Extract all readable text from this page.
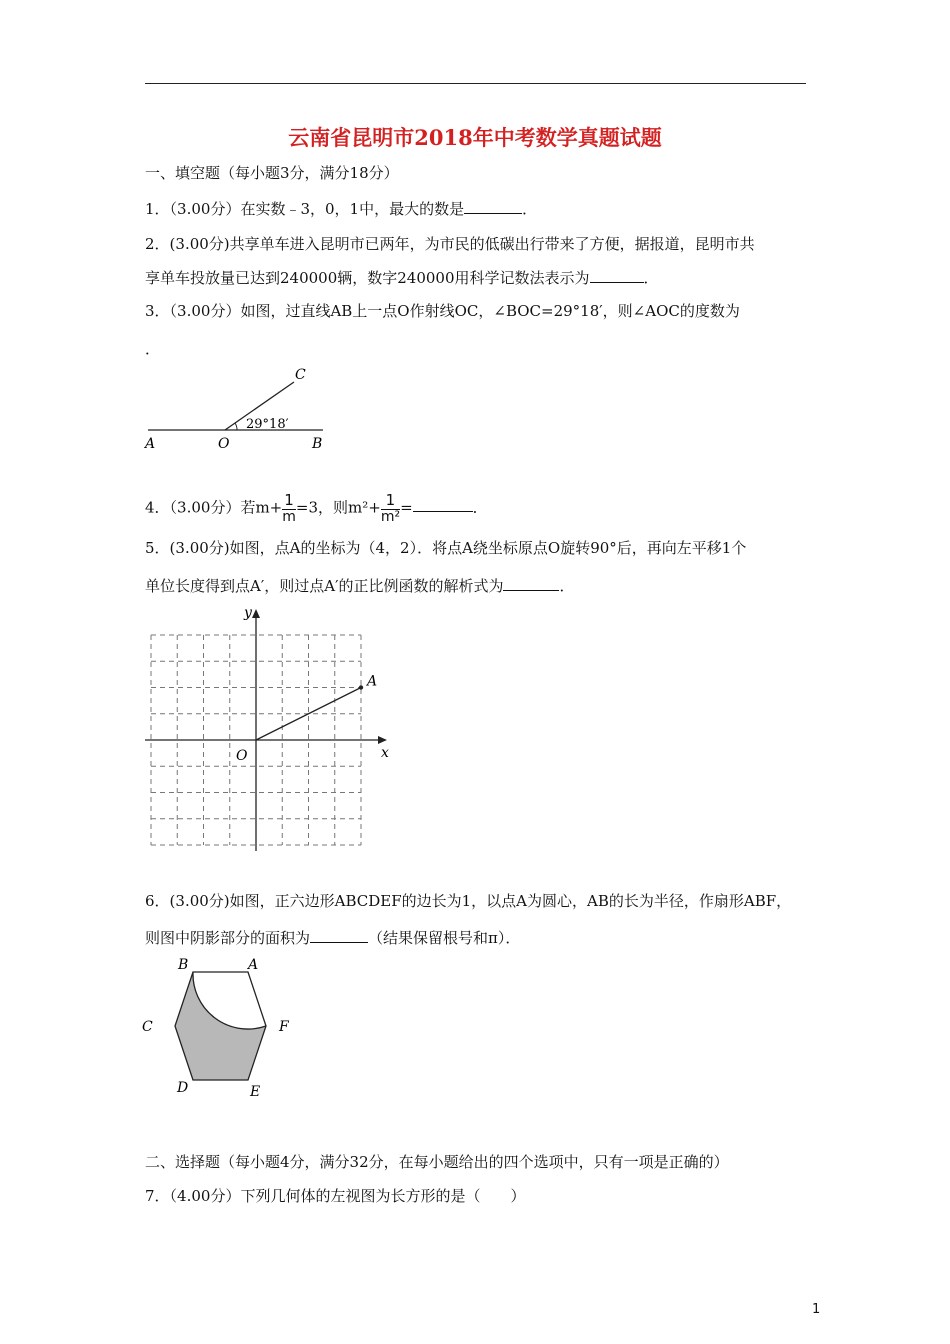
云南省昆明市2018年中考数学真题试题
一、填空题（每小题3分，满分18分）
1．（3.00分）在实数﹣3，0，1中，最大的数是	．
2．(3.00分)共享单车进入昆明市已两年，为市民的低碳出行带来了方便，据报道，昆明市共
享单车投放量已达到240000辆，数字240000用科学记数法表示为	．
3．（3.00分）如图，过直线AB上一点O作射线OC，∠BOC=29°18′，则∠AOC的度数为
．
A	O	B
C
29°18′
4．（3.00分）若$m+ \frac{1}{m} =3$，则$m^2+ \frac{1}{\text{m²}}$ =	．
5．(3.00分)如图，点A的坐标为（4，2）．将点A绕坐标原点O旋转90°后，再向左平移1个
单位长度得到点A′，则过点A′的正比例函数的解析式为	．
y
x
O
A
6．(3.00分)如图，正六边形ABCDEF的边长为1，以点A为圆心，AB的长为半径，作扇形ABF，
则图中阴影部分的面积为	（结果保留根号和π）．
B	A
C	F
D	E
二、选择题（每小题4分，满分32分，在每小题给出的四个选项中，只有一项是正确的）
7．（4.00分）下列几何体的左视图为长方形的是（　　）
1
